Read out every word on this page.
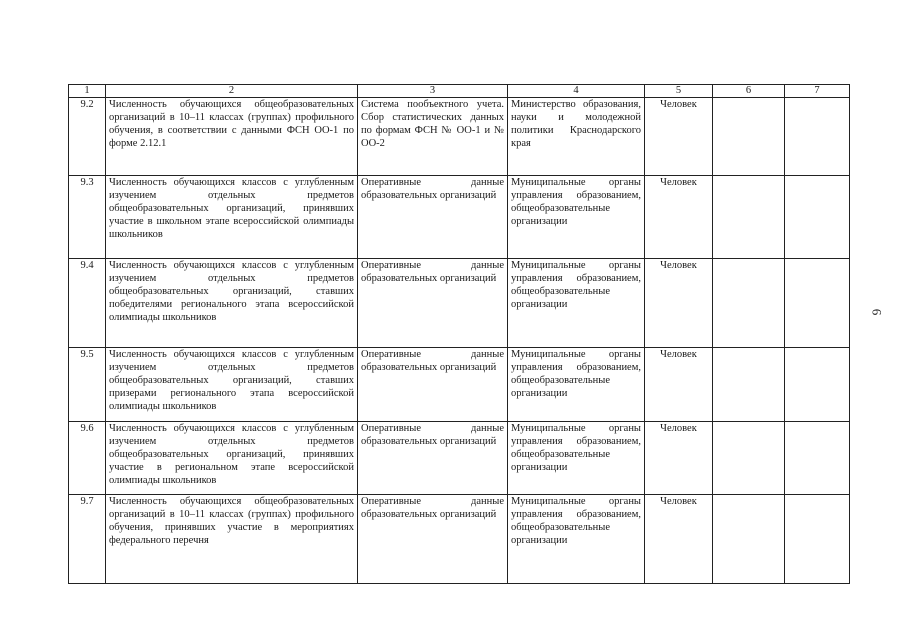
1	2	3	4	5	6	7
9.2	Численность обучающихся общеобразовательных организаций в 10–11 классах (группах) профильного обучения, в соответствии с данными ФСН ОО-1 по форме 2.12.1	Система пообъектного учета. Сбор статистических данных по формам ФСН № ОО-1 и № ОО-2	Министерство образования, науки и молодежной политики Краснодарского края	Человек		
9.3	Численность обучающихся классов с углубленным изучением отдельных предметов общеобразовательных организаций, принявших участие в школьном этапе всероссийской олимпиады школьников	Оперативные данные образовательных организаций	Муниципальные органы управления образованием, общеобразовательные организации	Человек		
9.4	Численность обучающихся классов с углубленным изучением отдельных предметов общеобразовательных организаций, ставших победителями регионального этапа всероссийской олимпиады школьников	Оперативные данные образовательных организаций	Муниципальные органы управления образованием, общеобразовательные организации	Человек		
9.5	Численность обучающихся классов с углубленным изучением отдельных предметов общеобразовательных организаций, ставших призерами регионального этапа всероссийской олимпиады школьников	Оперативные данные образовательных организаций	Муниципальные органы управления образованием, общеобразовательные организации	Человек		
9.6	Численность обучающихся классов с углубленным изучением отдельных предметов общеобразовательных организаций, принявших участие в региональном этапе всероссийской олимпиады школьников	Оперативные данные образовательных организаций	Муниципальные органы управления образованием, общеобразовательные организации	Человек		
9.7	Численность обучающихся общеобразовательных организаций в 10–11 классах (группах) профильного обучения, принявших участие в мероприятиях федерального перечня	Оперативные данные образовательных организаций	Муниципальные органы управления образованием, общеобразовательные организации	Человек		
6
